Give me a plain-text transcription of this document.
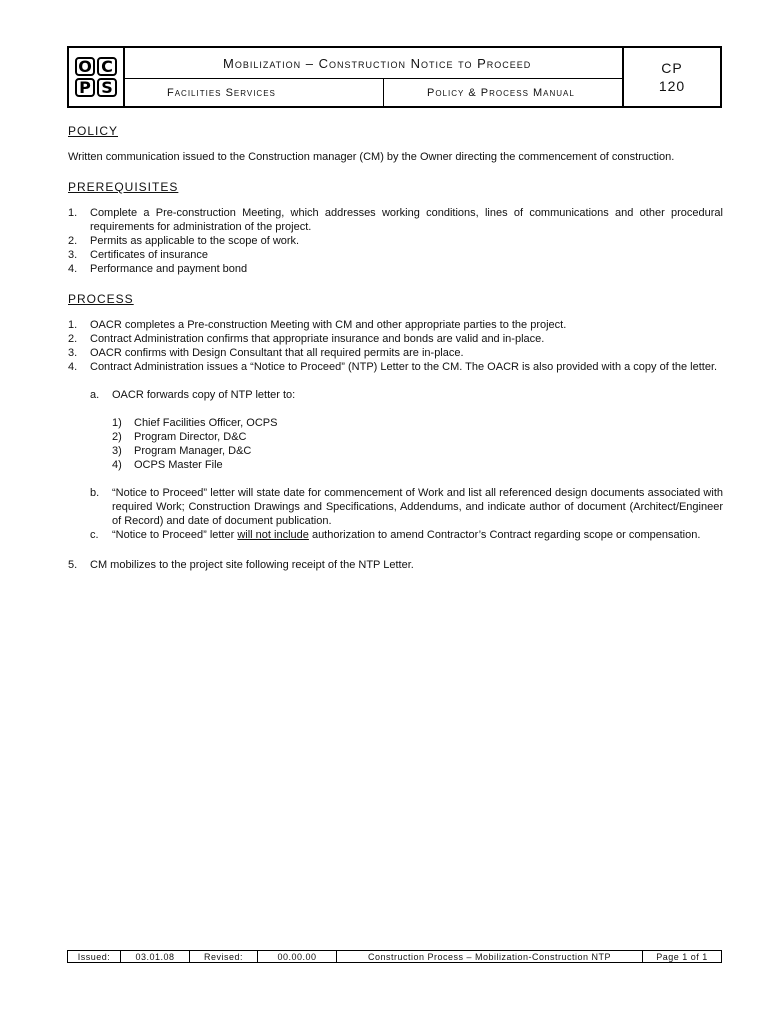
O C
P S
Mobilization – Construction Notice to Proceed
Facilities Services	Policy & Process Manual
CP
120
POLICY
Written communication issued to the Construction manager (CM) by the Owner directing the commencement of construction.
PREREQUISITES
1.	Complete a Pre-construction Meeting, which addresses working conditions, lines of communications and other procedural requirements for administration of the project.
2.	Permits as applicable to the scope of work.
3.	Certificates of insurance
4.	Performance and payment bond
PROCESS
1.	OACR completes a Pre-construction Meeting with CM and other appropriate parties to the project.
2.	Contract Administration confirms that appropriate insurance and bonds are valid and in-place.
3.	OACR confirms with Design Consultant that all required permits are in-place.
4.	Contract Administration issues a “Notice to Proceed” (NTP) Letter to the CM. The OACR is also provided with a copy of the letter.
a.	OACR forwards copy of NTP letter to:
1)	Chief Facilities Officer, OCPS
2)	Program Director, D&C
3)	Program Manager, D&C
4)	OCPS Master File
b.	“Notice to Proceed” letter will state date for commencement of Work and list all referenced design documents associated with required Work; Construction Drawings and Specifications, Addendums, and indicate author of document (Architect/Engineer of Record) and date of document publication.
c.	“Notice to Proceed” letter will not include authorization to amend Contractor’s Contract regarding scope or compensation.
5.	CM mobilizes to the project site following receipt of the NTP Letter.
Issued:	03.01.08	Revised:	00.00.00	Construction Process – Mobilization-Construction NTP	Page 1 of 1
